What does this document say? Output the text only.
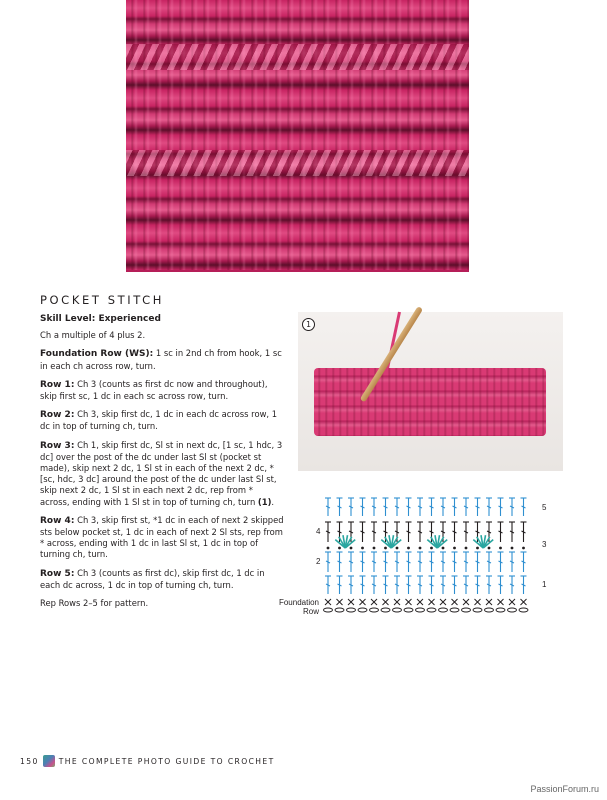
POCKET STITCH

Skill Level: Experienced

Ch a multiple of 4 plus 2.

Foundation Row (WS): 1 sc in 2nd ch from hook, 1 sc in each ch across row, turn.

Row 1: Ch 3 (counts as first dc now and throughout), skip first sc, 1 dc in each sc across row, turn.

Row 2: Ch 3, skip first dc, 1 dc in each dc across row, 1 dc in top of turning ch, turn.

Row 3: Ch 1, skip first dc, Sl st in next dc, [1 sc, 1 hdc, 3 dc] over the post of the dc under last Sl st (pocket st made), skip next 2 dc, 1 Sl st in each of the next 2 dc, *[sc, hdc, 3 dc] around the post of the dc under last Sl st, skip next 2 dc, 1 Sl st in each next 2 dc, rep from * across, ending with 1 Sl st in top of turning ch, turn (1).

Row 4: Ch 3, skip first st, *1 dc in each of next 2 skipped sts below pocket st, 1 dc in each of next 2 Sl sts, rep from * across, ending with 1 dc in last Sl st, 1 dc in top of turning ch, turn.

Row 5: Ch 3 (counts as first dc), skip first dc, 1 dc in each dc across, 1 dc in top of turning ch, turn.

Rep Rows 2–5 for pattern.

1
5
3
1
4
2
Foundation
Row
150	THE COMPLETE PHOTO GUIDE TO CROCHET
PassionForum.ru
